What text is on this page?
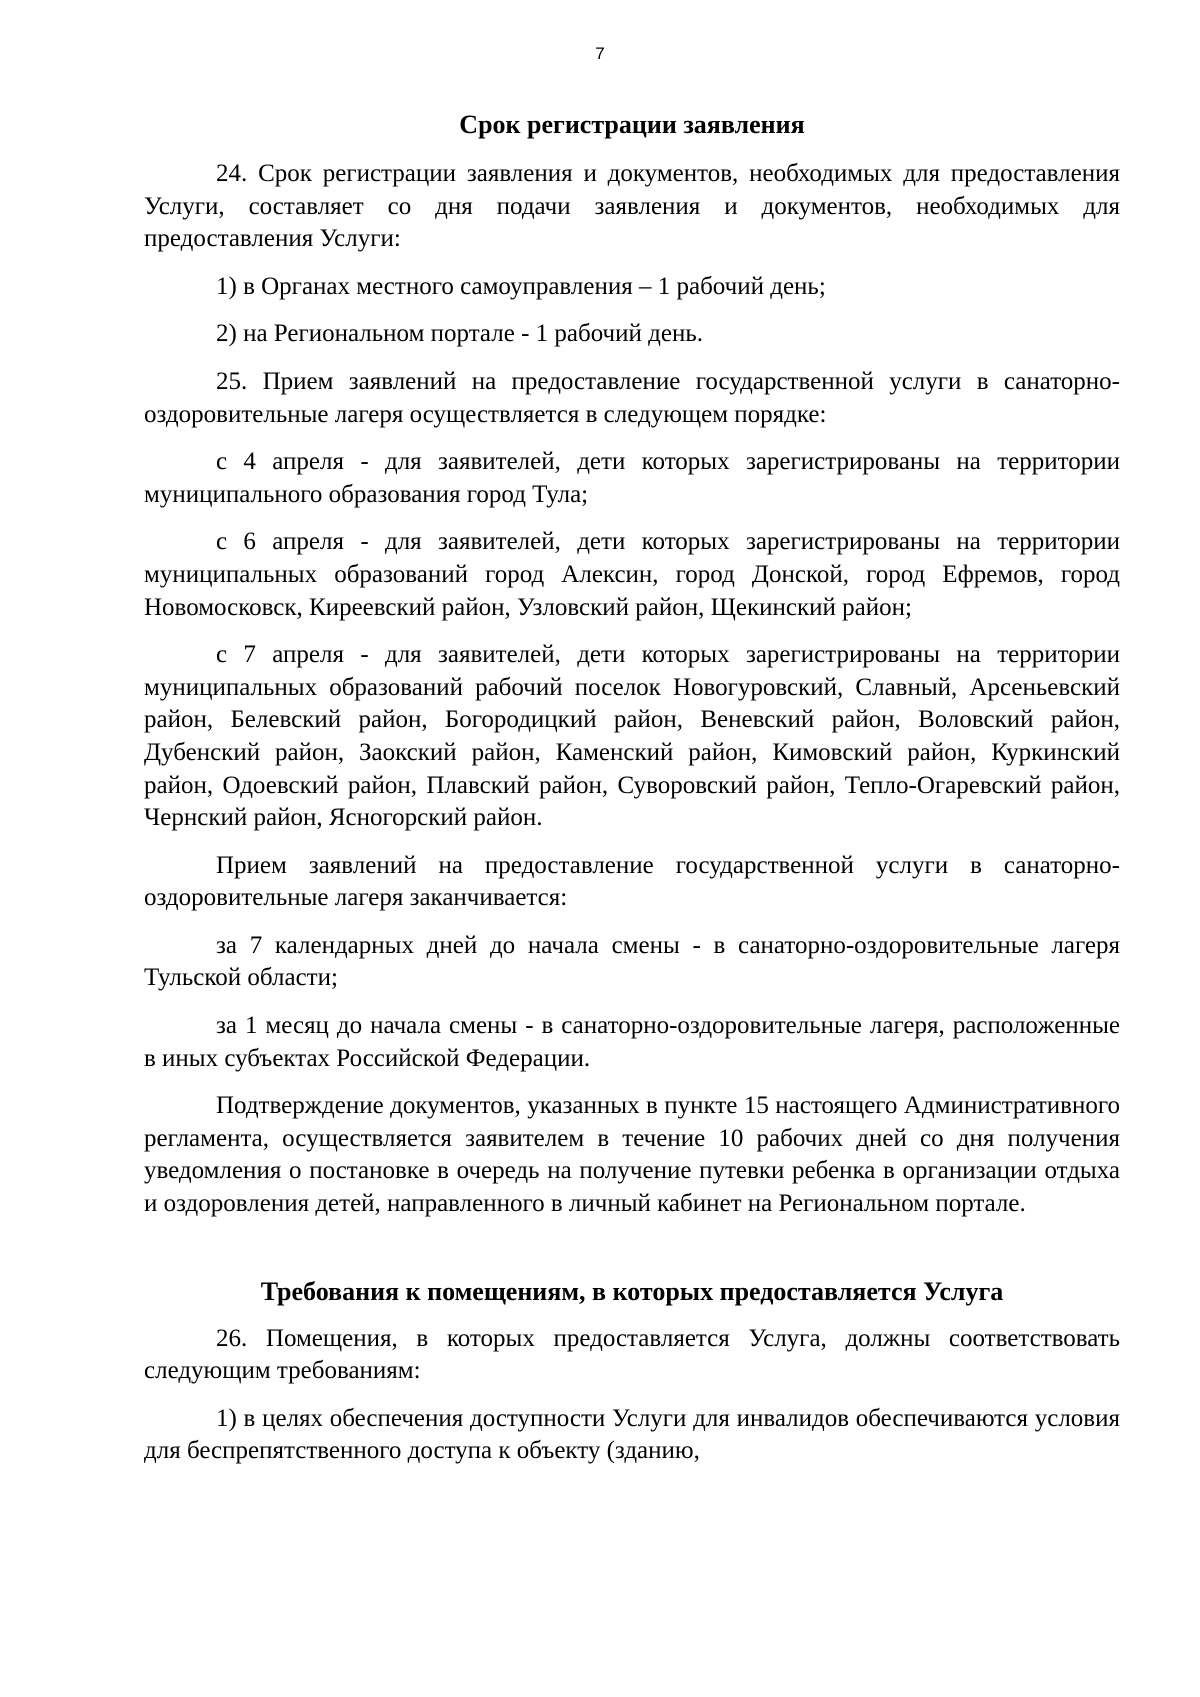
7
Срок регистрации заявления

24. Срок регистрации заявления и документов, необходимых для предоставления Услуги, составляет со дня подачи заявления и документов, необходимых для предоставления Услуги:

1) в Органах местного самоуправления – 1 рабочий день;

2) на Региональном портале - 1 рабочий день.

25. Прием заявлений на предоставление государственной услуги в санаторно-оздоровительные лагеря осуществляется в следующем порядке:

с 4 апреля - для заявителей, дети которых зарегистрированы на территории муниципального образования город Тула;

с 6 апреля - для заявителей, дети которых зарегистрированы на территории муниципальных образований город Алексин, город Донской, город Ефремов, город Новомосковск, Киреевский район, Узловский район, Щекинский район;

с 7 апреля - для заявителей, дети которых зарегистрированы на территории муниципальных образований рабочий поселок Новогуровский, Славный, Арсеньевский район, Белевский район, Богородицкий район, Веневский район, Воловский район, Дубенский район, Заокский район, Каменский район, Кимовский район, Куркинский район, Одоевский район, Плавский район, Суворовский район, Тепло-Огаревский район, Чернский район, Ясногорский район.

Прием заявлений на предоставление государственной услуги в санаторно-оздоровительные лагеря заканчивается:

за 7 календарных дней до начала смены - в санаторно-оздоровительные лагеря Тульской области;

за 1 месяц до начала смены - в санаторно-оздоровительные лагеря, расположенные в иных субъектах Российской Федерации.

Подтверждение документов, указанных в пункте 15 настоящего Административного регламента, осуществляется заявителем в течение 10 рабочих дней со дня получения уведомления о постановке в очередь на получение путевки ребенка в организации отдыха и оздоровления детей, направленного в личный кабинет на Региональном портале.

Требования к помещениям, в которых предоставляется Услуга

26. Помещения, в которых предоставляется Услуга, должны соответствовать следующим требованиям:

1) в целях обеспечения доступности Услуги для инвалидов обеспечиваются условия для беспрепятственного доступа к объекту (зданию,
